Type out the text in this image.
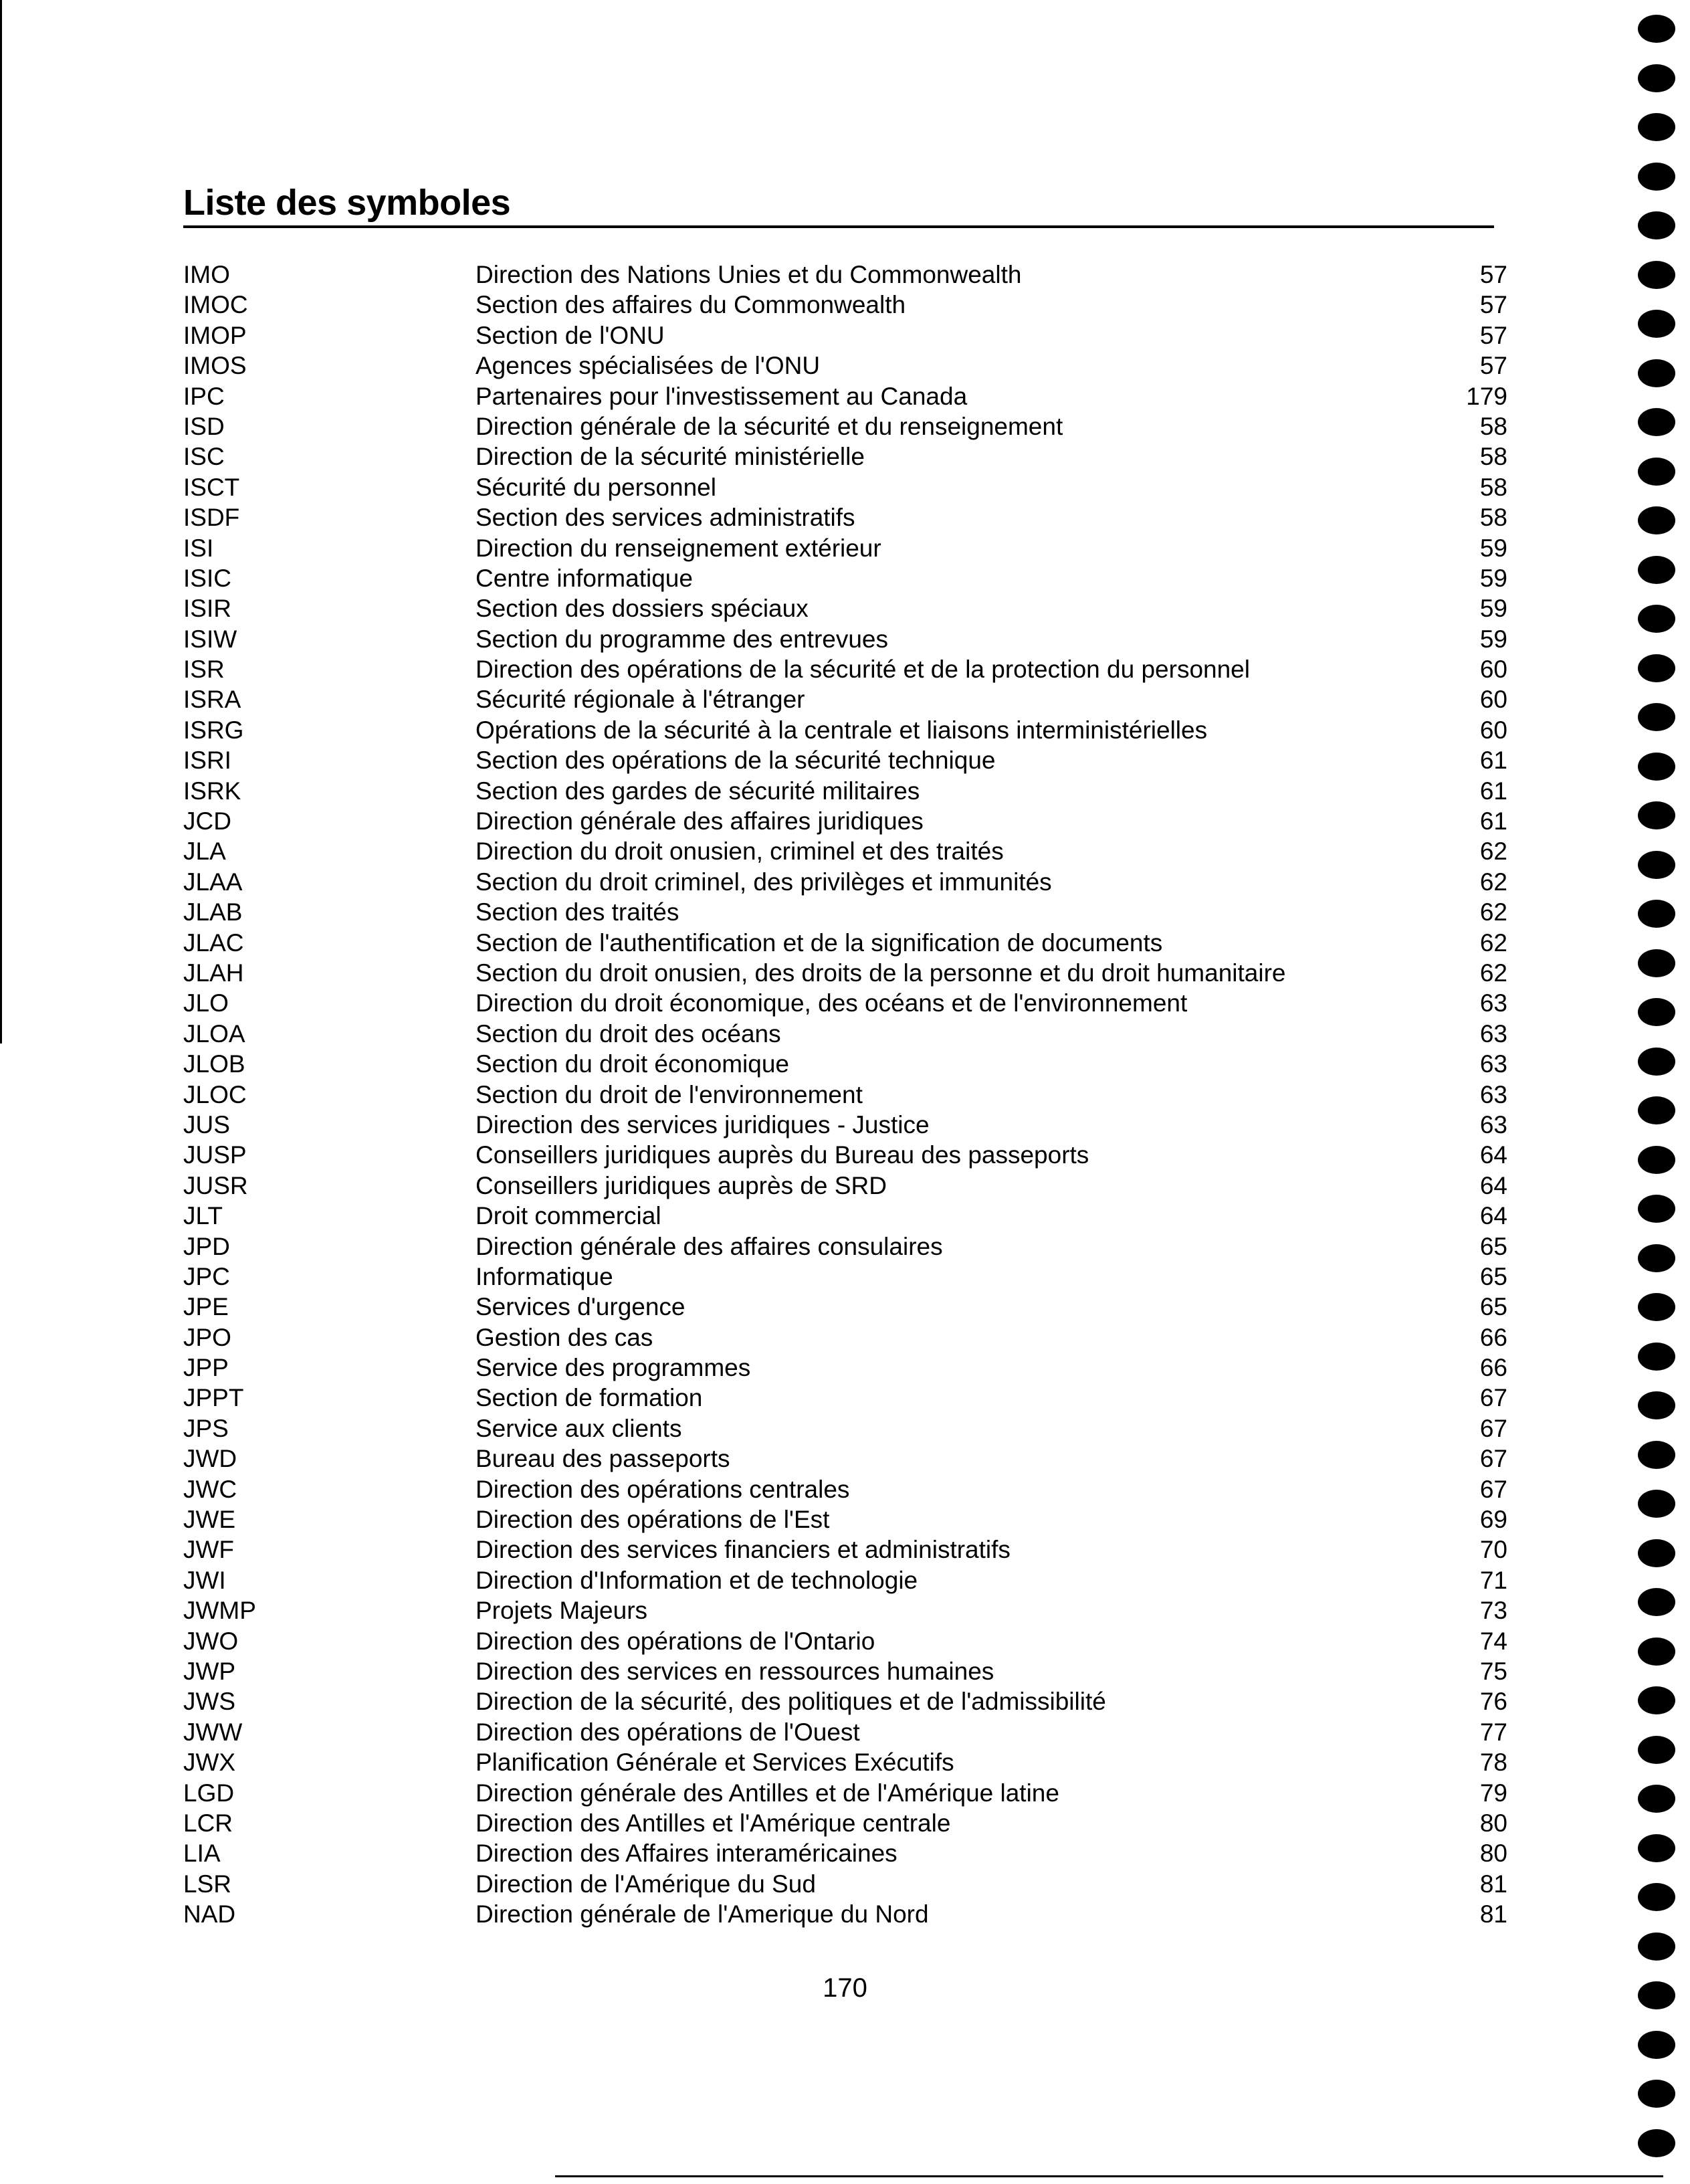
Liste des symboles
IMO	Direction des Nations Unies et du Commonwealth	57
IMOC	Section des affaires du Commonwealth	57
IMOP	Section de l'ONU	57
IMOS	Agences spécialisées de l'ONU	57
IPC	Partenaires pour l'investissement au Canada	179
ISD	Direction générale de la sécurité et du renseignement	58
ISC	Direction de la sécurité ministérielle	58
ISCT	Sécurité du personnel	58
ISDF	Section des services administratifs	58
ISI	Direction du renseignement extérieur	59
ISIC	Centre informatique	59
ISIR	Section des dossiers spéciaux	59
ISIW	Section du programme des entrevues	59
ISR	Direction des opérations de la sécurité et de la protection du personnel	60
ISRA	Sécurité régionale à l'étranger	60
ISRG	Opérations de la sécurité à la centrale et liaisons interministérielles	60
ISRI	Section des opérations de la sécurité technique	61
ISRK	Section des gardes de sécurité militaires	61
JCD	Direction générale des affaires juridiques	61
JLA	Direction du droit onusien, criminel et des traités	62
JLAA	Section du droit criminel, des privilèges et immunités	62
JLAB	Section des traités	62
JLAC	Section de l'authentification et de la signification de documents	62
JLAH	Section du droit onusien, des droits de la personne et du droit humanitaire	62
JLO	Direction du droit économique, des océans et de l'environnement	63
JLOA	Section du droit des océans	63
JLOB	Section du droit économique	63
JLOC	Section du droit de l'environnement	63
JUS	Direction des services juridiques - Justice	63
JUSP	Conseillers juridiques auprès du Bureau des passeports	64
JUSR	Conseillers juridiques auprès de SRD	64
JLT	Droit commercial	64
JPD	Direction générale des affaires consulaires	65
JPC	Informatique	65
JPE	Services d'urgence	65
JPO	Gestion des cas	66
JPP	Service des programmes	66
JPPT	Section de formation	67
JPS	Service aux clients	67
JWD	Bureau des passeports	67
JWC	Direction des opérations centrales	67
JWE	Direction des opérations de l'Est	69
JWF	Direction des services financiers et administratifs	70
JWI	Direction d'Information et de technologie	71
JWMP	Projets Majeurs	73
JWO	Direction des opérations de l'Ontario	74
JWP	Direction des services en ressources humaines	75
JWS	Direction de la sécurité, des politiques et de l'admissibilité	76
JWW	Direction des opérations de l'Ouest	77
JWX	Planification Générale et Services Exécutifs	78
LGD	Direction générale des Antilles et de l'Amérique latine	79
LCR	Direction des Antilles et l'Amérique centrale	80
LIA	Direction des Affaires interaméricaines	80
LSR	Direction de l'Amérique du Sud	81
NAD	Direction générale de l'Amerique du Nord	81
170
